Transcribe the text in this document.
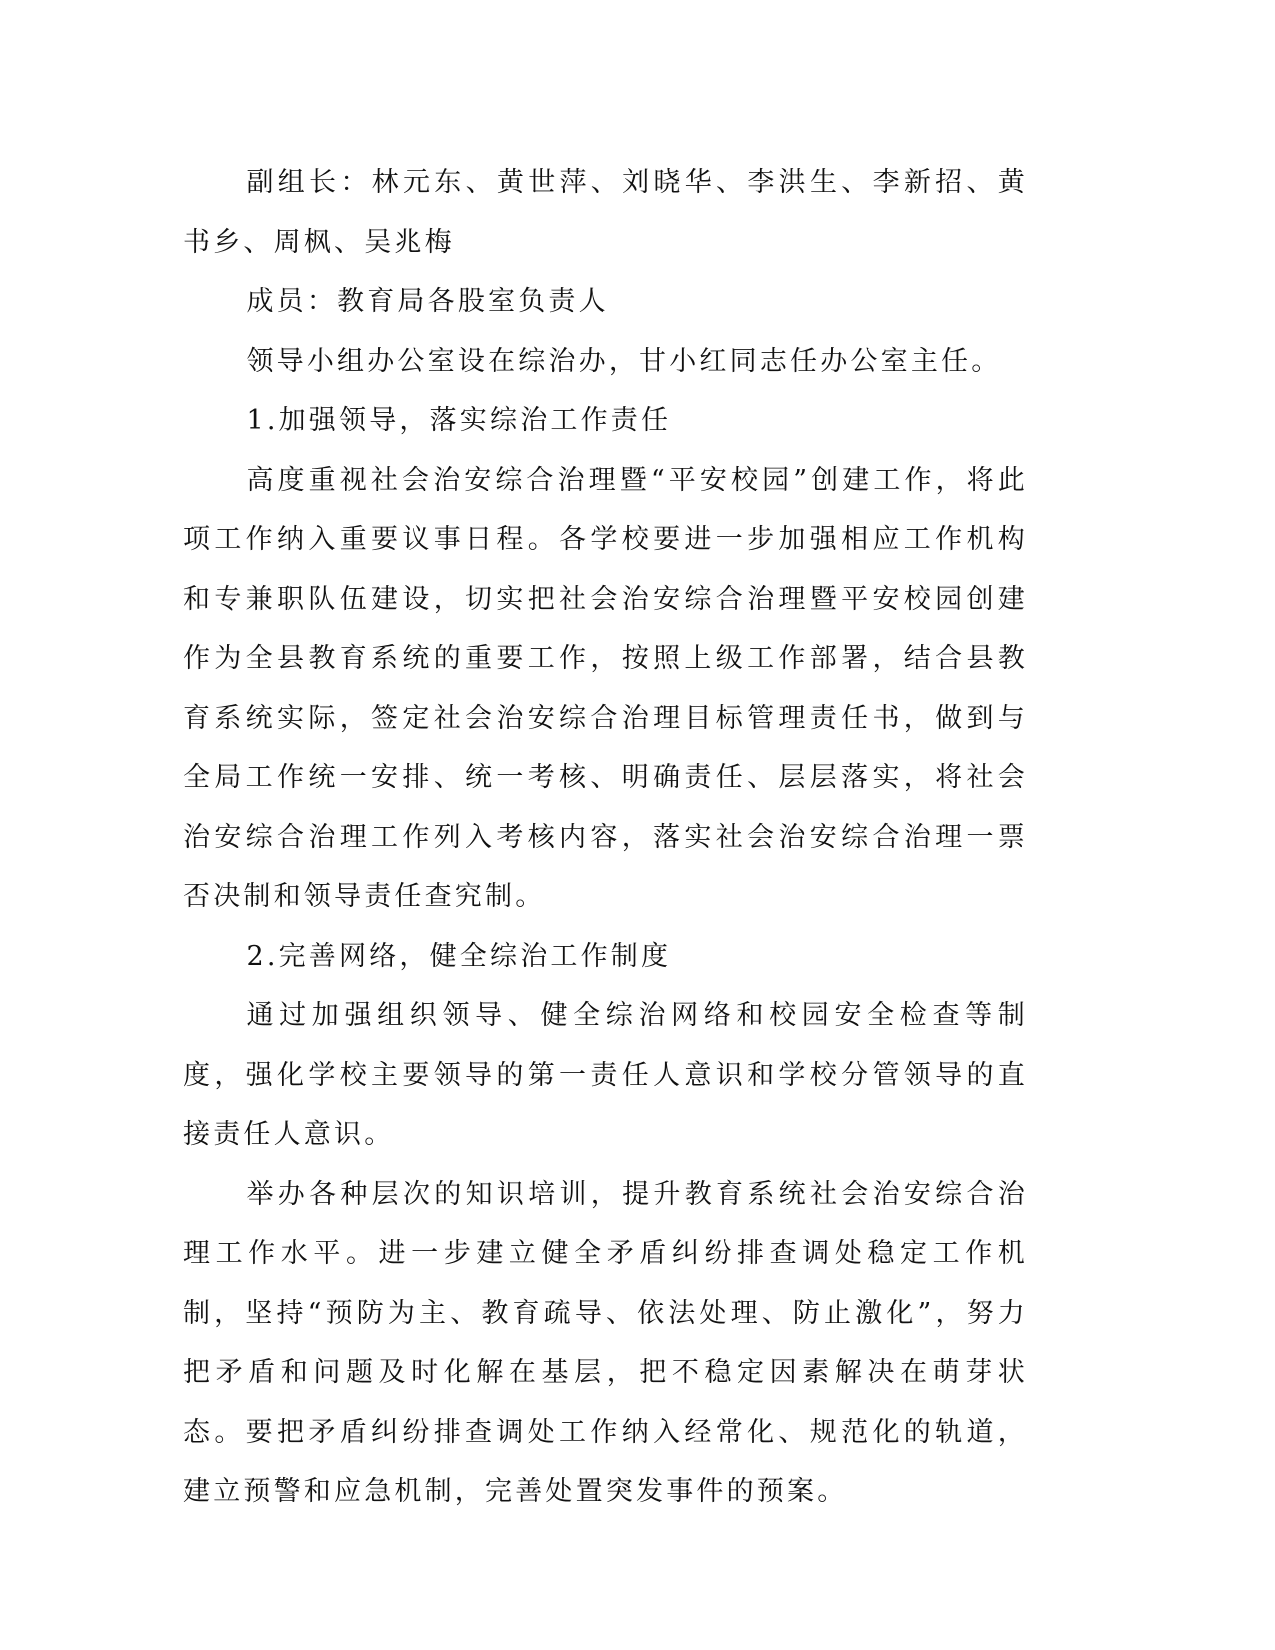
副组长：林元东、黄世萍、刘晓华、李洪生、李新招、黄书乡、周枫、吴兆梅

成员：教育局各股室负责人

领导小组办公室设在综治办，甘小红同志任办公室主任。

1.加强领导，落实综治工作责任

高度重视社会治安综合治理暨“平安校园”创建工作，将此项工作纳入重要议事日程。各学校要进一步加强相应工作机构和专兼职队伍建设，切实把社会治安综合治理暨平安校园创建作为全县教育系统的重要工作，按照上级工作部署，结合县教育系统实际，签定社会治安综合治理目标管理责任书，做到与全局工作统一安排、统一考核、明确责任、层层落实，将社会治安综合治理工作列入考核内容，落实社会治安综合治理一票否决制和领导责任查究制。

2.完善网络，健全综治工作制度

通过加强组织领导、健全综治网络和校园安全检查等制度，强化学校主要领导的第一责任人意识和学校分管领导的直接责任人意识。

举办各种层次的知识培训，提升教育系统社会治安综合治理工作水平。进一步建立健全矛盾纠纷排查调处稳定工作机制，坚持“预防为主、教育疏导、依法处理、防止激化”，努力把矛盾和问题及时化解在基层，把不稳定因素解决在萌芽状态。要把矛盾纠纷排查调处工作纳入经常化、规范化的轨道，建立预警和应急机制，完善处置突发事件的预案。
